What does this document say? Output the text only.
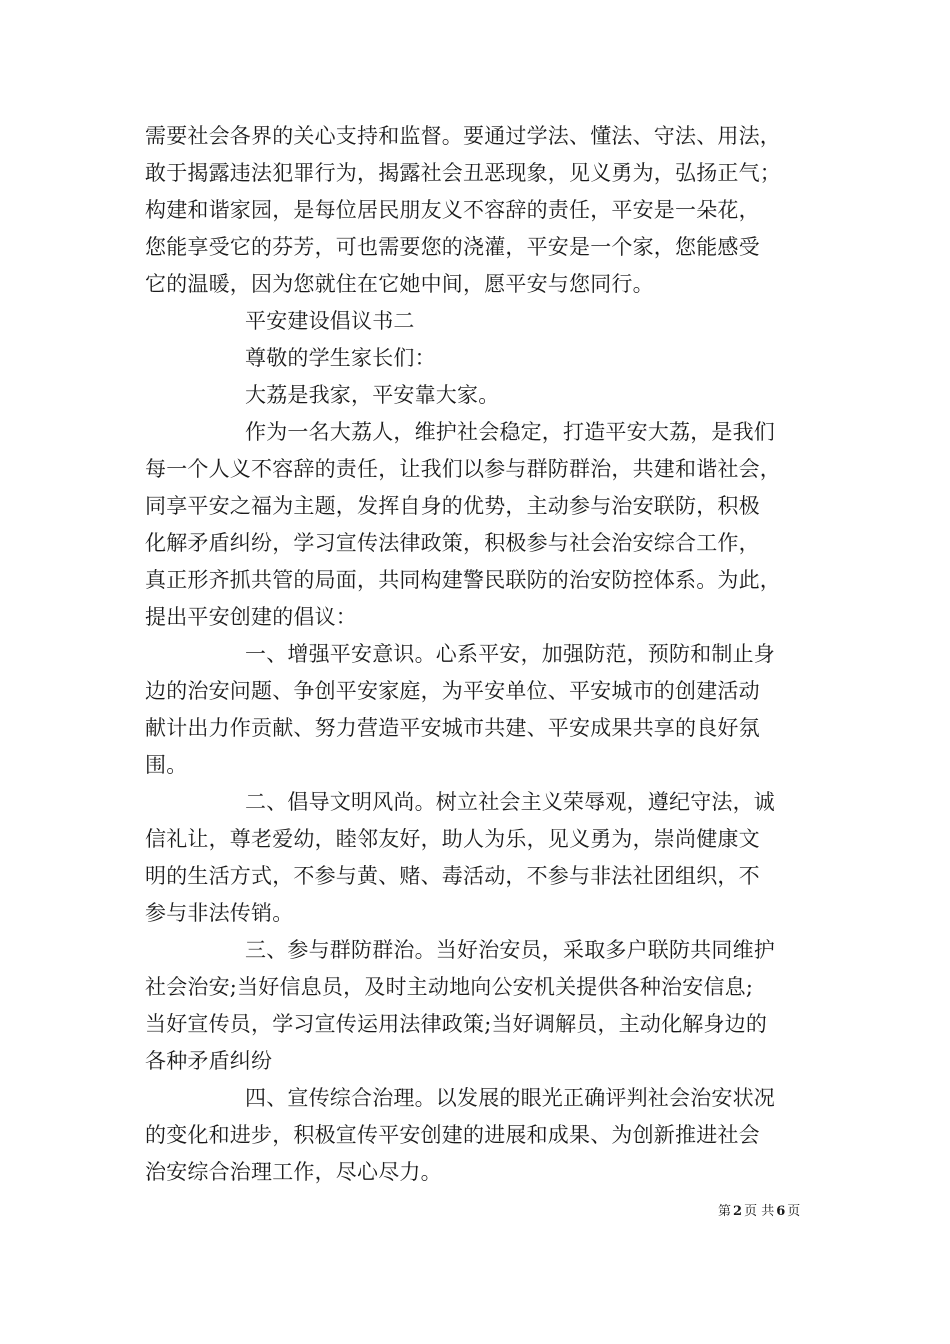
需要社会各界的关心支持和监督。要通过学法、懂法、守法、用法，
敢于揭露违法犯罪行为，揭露社会丑恶现象，见义勇为，弘扬正气；
构建和谐家园，是每位居民朋友义不容辞的责任，平安是一朵花，
您能享受它的芬芳，可也需要您的浇灌，平安是一个家，您能感受
它的温暖，因为您就住在它她中间，愿平安与您同行。
平安建设倡议书二
尊敬的学生家长们：
大荔是我家，平安靠大家。
作为一名大荔人，维护社会稳定，打造平安大荔，是我们
每一个人义不容辞的责任，让我们以参与群防群治，共建和谐社会，
同享平安之福为主题，发挥自身的优势，主动参与治安联防，积极
化解矛盾纠纷，学习宣传法律政策，积极参与社会治安综合工作，
真正形齐抓共管的局面，共同构建警民联防的治安防控体系。为此，
提出平安创建的倡议：
一、增强平安意识。心系平安，加强防范，预防和制止身
边的治安问题、争创平安家庭，为平安单位、平安城市的创建活动
献计出力作贡献、努力营造平安城市共建、平安成果共享的良好氛
围。
二、倡导文明风尚。树立社会主义荣辱观，遵纪守法，诚
信礼让，尊老爱幼，睦邻友好，助人为乐，见义勇为，崇尚健康文
明的生活方式，不参与黄、赌、毒活动，不参与非法社团组织，不
参与非法传销。
三、参与群防群治。当好治安员，采取多户联防共同维护
社会治安;当好信息员，及时主动地向公安机关提供各种治安信息;
当好宣传员，学习宣传运用法律政策;当好调解员，主动化解身边的
各种矛盾纠纷
四、宣传综合治理。以发展的眼光正确评判社会治安状况
的变化和进步，积极宣传平安创建的进展和成果、为创新推进社会
治安综合治理工作，尽心尽力。
第 2 页 共 6 页
